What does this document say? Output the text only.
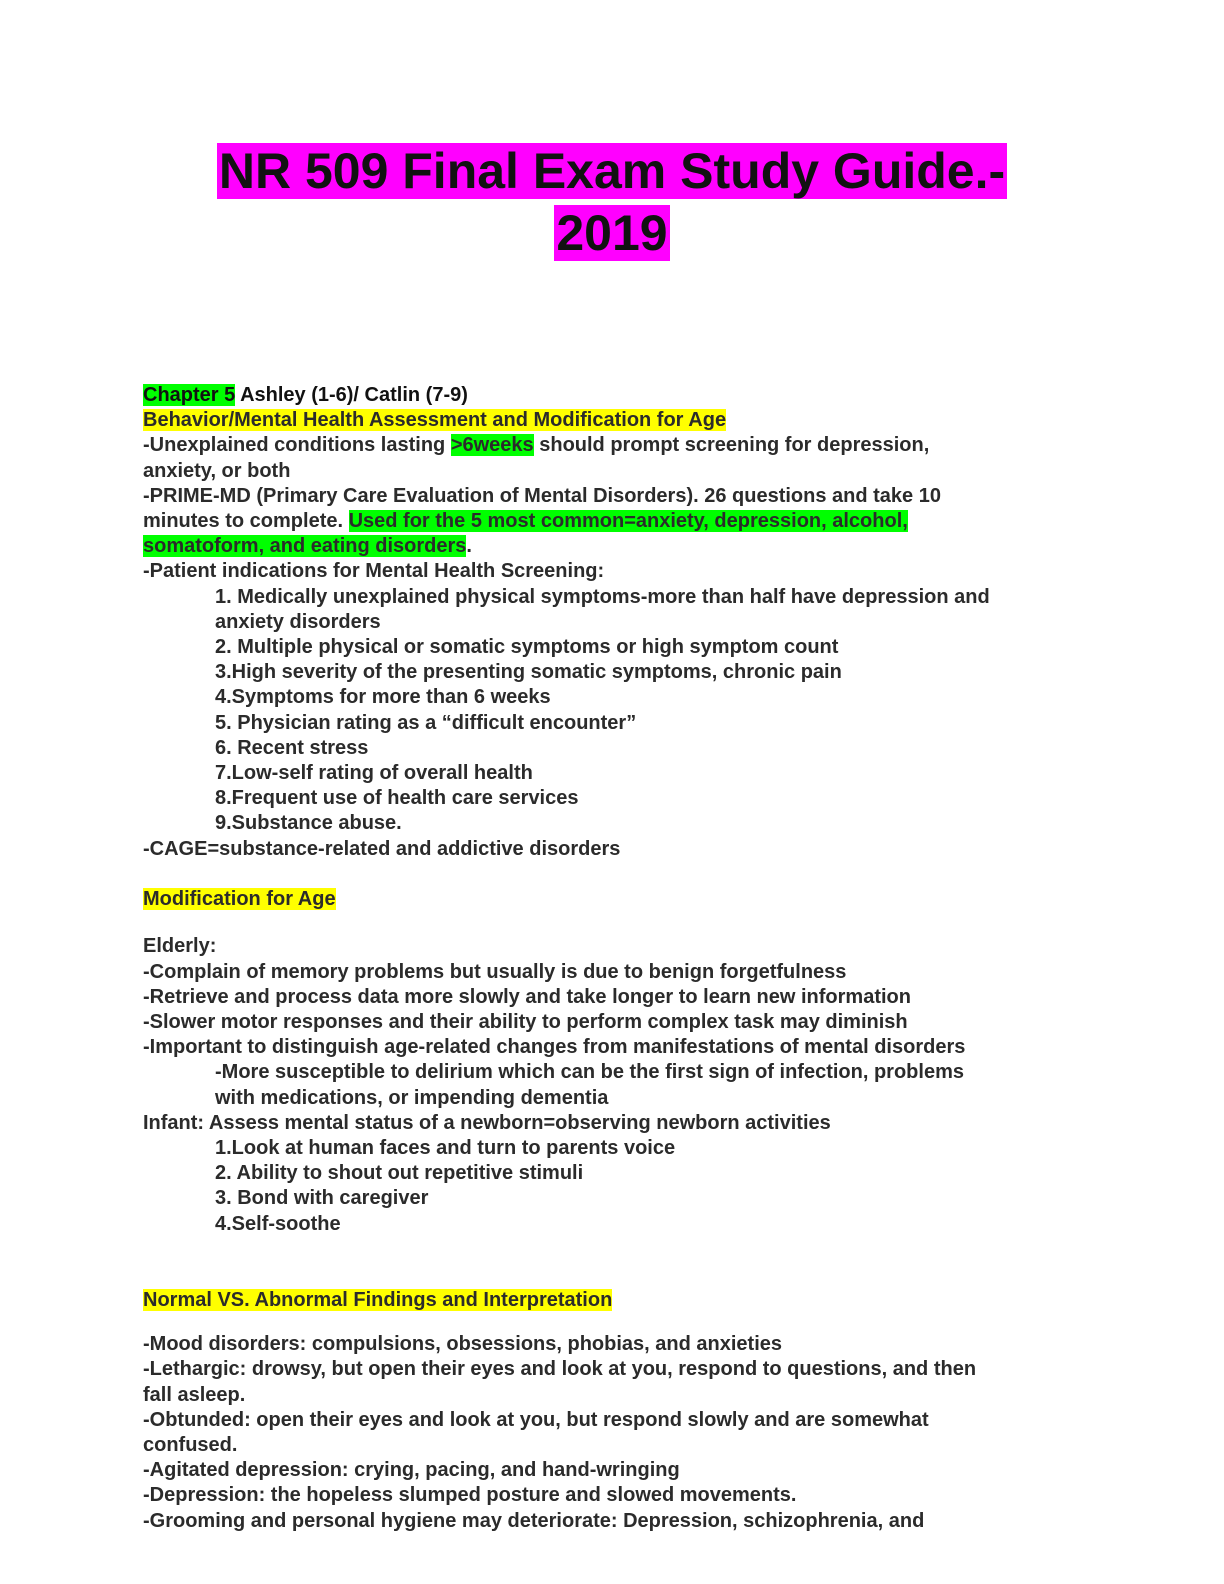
NR 509 Final Exam Study Guide.-
2019
Chapter 5 Ashley (1-6)/ Catlin (7-9)
Behavior/Mental Health Assessment and Modification for Age
-Unexplained conditions lasting >6weeks should prompt screening for depression,
anxiety, or both
-PRIME-MD (Primary Care Evaluation of Mental Disorders). 26 questions and take 10
minutes to complete. Used for the 5 most common=anxiety, depression, alcohol,
somatoform, and eating disorders.
-Patient indications for Mental Health Screening:
1. Medically unexplained physical symptoms-more than half have depression and
anxiety disorders
2. Multiple physical or somatic symptoms or high symptom count
3.High severity of the presenting somatic symptoms, chronic pain
4.Symptoms for more than 6 weeks
5. Physician rating as a “difficult encounter”
6. Recent stress
7.Low-self rating of overall health
8.Frequent use of health care services
9.Substance abuse.
-CAGE=substance-related and addictive disorders
Modification for Age
Elderly:
-Complain of memory problems but usually is due to benign forgetfulness
-Retrieve and process data more slowly and take longer to learn new information
-Slower motor responses and their ability to perform complex task may diminish
-Important to distinguish age-related changes from manifestations of mental disorders
-More susceptible to delirium which can be the first sign of infection, problems
with medications, or impending dementia
Infant: Assess mental status of a newborn=observing newborn activities
1.Look at human faces and turn to parents voice
2. Ability to shout out repetitive stimuli
3. Bond with caregiver
4.Self-soothe
Normal VS. Abnormal Findings and Interpretation
-Mood disorders: compulsions, obsessions, phobias, and anxieties
-Lethargic: drowsy, but open their eyes and look at you, respond to questions, and then
fall asleep.
-Obtunded: open their eyes and look at you, but respond slowly and are somewhat
confused.
-Agitated depression: crying, pacing, and hand-wringing
-Depression: the hopeless slumped posture and slowed movements.
-Grooming and personal hygiene may deteriorate: Depression, schizophrenia, and
